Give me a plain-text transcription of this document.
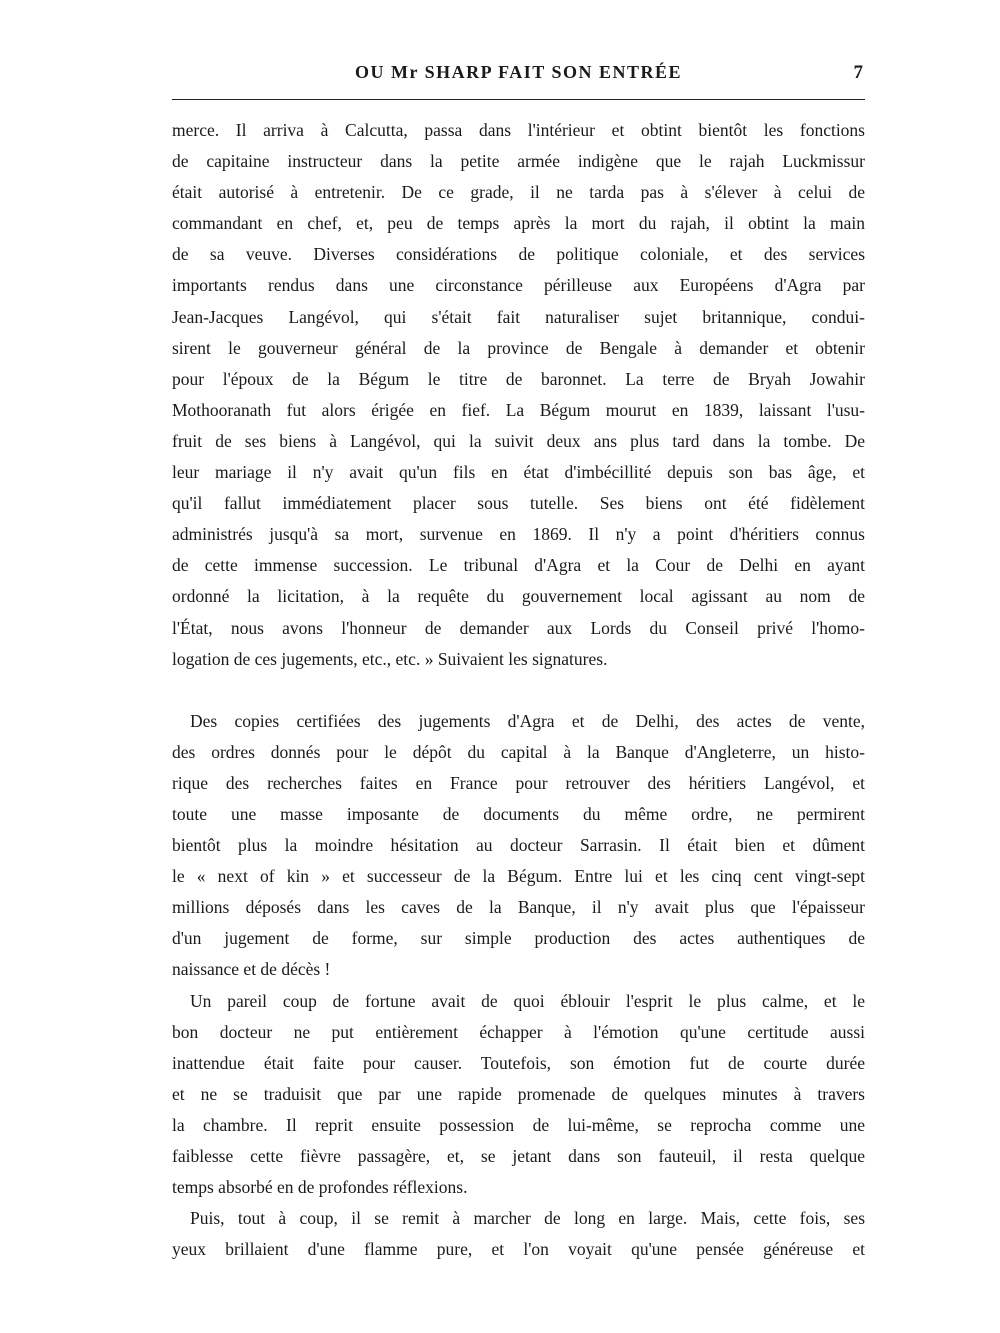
OU Mr SHARP FAIT SON ENTRÉE	7
merce. Il arriva à Calcutta, passa dans l'intérieur et obtint bientôt les fonctions
de capitaine instructeur dans la petite armée indigène que le rajah Luckmissur
était autorisé à entretenir. De ce grade, il ne tarda pas à s'élever à celui de
commandant en chef, et, peu de temps après la mort du rajah, il obtint la main
de sa veuve. Diverses considérations de politique coloniale, et des services
importants rendus dans une circonstance périlleuse aux Européens d'Agra par
Jean-Jacques Langévol, qui s'était fait naturaliser sujet britannique, condui-
sirent le gouverneur général de la province de Bengale à demander et obtenir
pour l'époux de la Bégum le titre de baronnet. La terre de Bryah Jowahir
Mothooranath fut alors érigée en fief. La Bégum mourut en 1839, laissant l'usu-
fruit de ses biens à Langévol, qui la suivit deux ans plus tard dans la tombe. De
leur mariage il n'y avait qu'un fils en état d'imbécillité depuis son bas âge, et
qu'il fallut immédiatement placer sous tutelle. Ses biens ont été fidèlement
administrés jusqu'à sa mort, survenue en 1869. Il n'y a point d'héritiers connus
de cette immense succession. Le tribunal d'Agra et la Cour de Delhi en ayant
ordonné la licitation, à la requête du gouvernement local agissant au nom de
l'État, nous avons l'honneur de demander aux Lords du Conseil privé l'homo-
logation de ces jugements, etc., etc. » Suivaient les signatures.
Des copies certifiées des jugements d'Agra et de Delhi, des actes de vente,
des ordres donnés pour le dépôt du capital à la Banque d'Angleterre, un histo-
rique des recherches faites en France pour retrouver des héritiers Langévol, et
toute une masse imposante de documents du même ordre, ne permirent
bientôt plus la moindre hésitation au docteur Sarrasin. Il était bien et dûment
le « next of kin » et successeur de la Bégum. Entre lui et les cinq cent vingt-sept
millions déposés dans les caves de la Banque, il n'y avait plus que l'épaisseur
d'un jugement de forme, sur simple production des actes authentiques de
naissance et de décès !
Un pareil coup de fortune avait de quoi éblouir l'esprit le plus calme, et le
bon docteur ne put entièrement échapper à l'émotion qu'une certitude aussi
inattendue était faite pour causer. Toutefois, son émotion fut de courte durée
et ne se traduisit que par une rapide promenade de quelques minutes à travers
la chambre. Il reprit ensuite possession de lui-même, se reprocha comme une
faiblesse cette fièvre passagère, et, se jetant dans son fauteuil, il resta quelque
temps absorbé en de profondes réflexions.
Puis, tout à coup, il se remit à marcher de long en large. Mais, cette fois, ses
yeux brillaient d'une flamme pure, et l'on voyait qu'une pensée généreuse et
